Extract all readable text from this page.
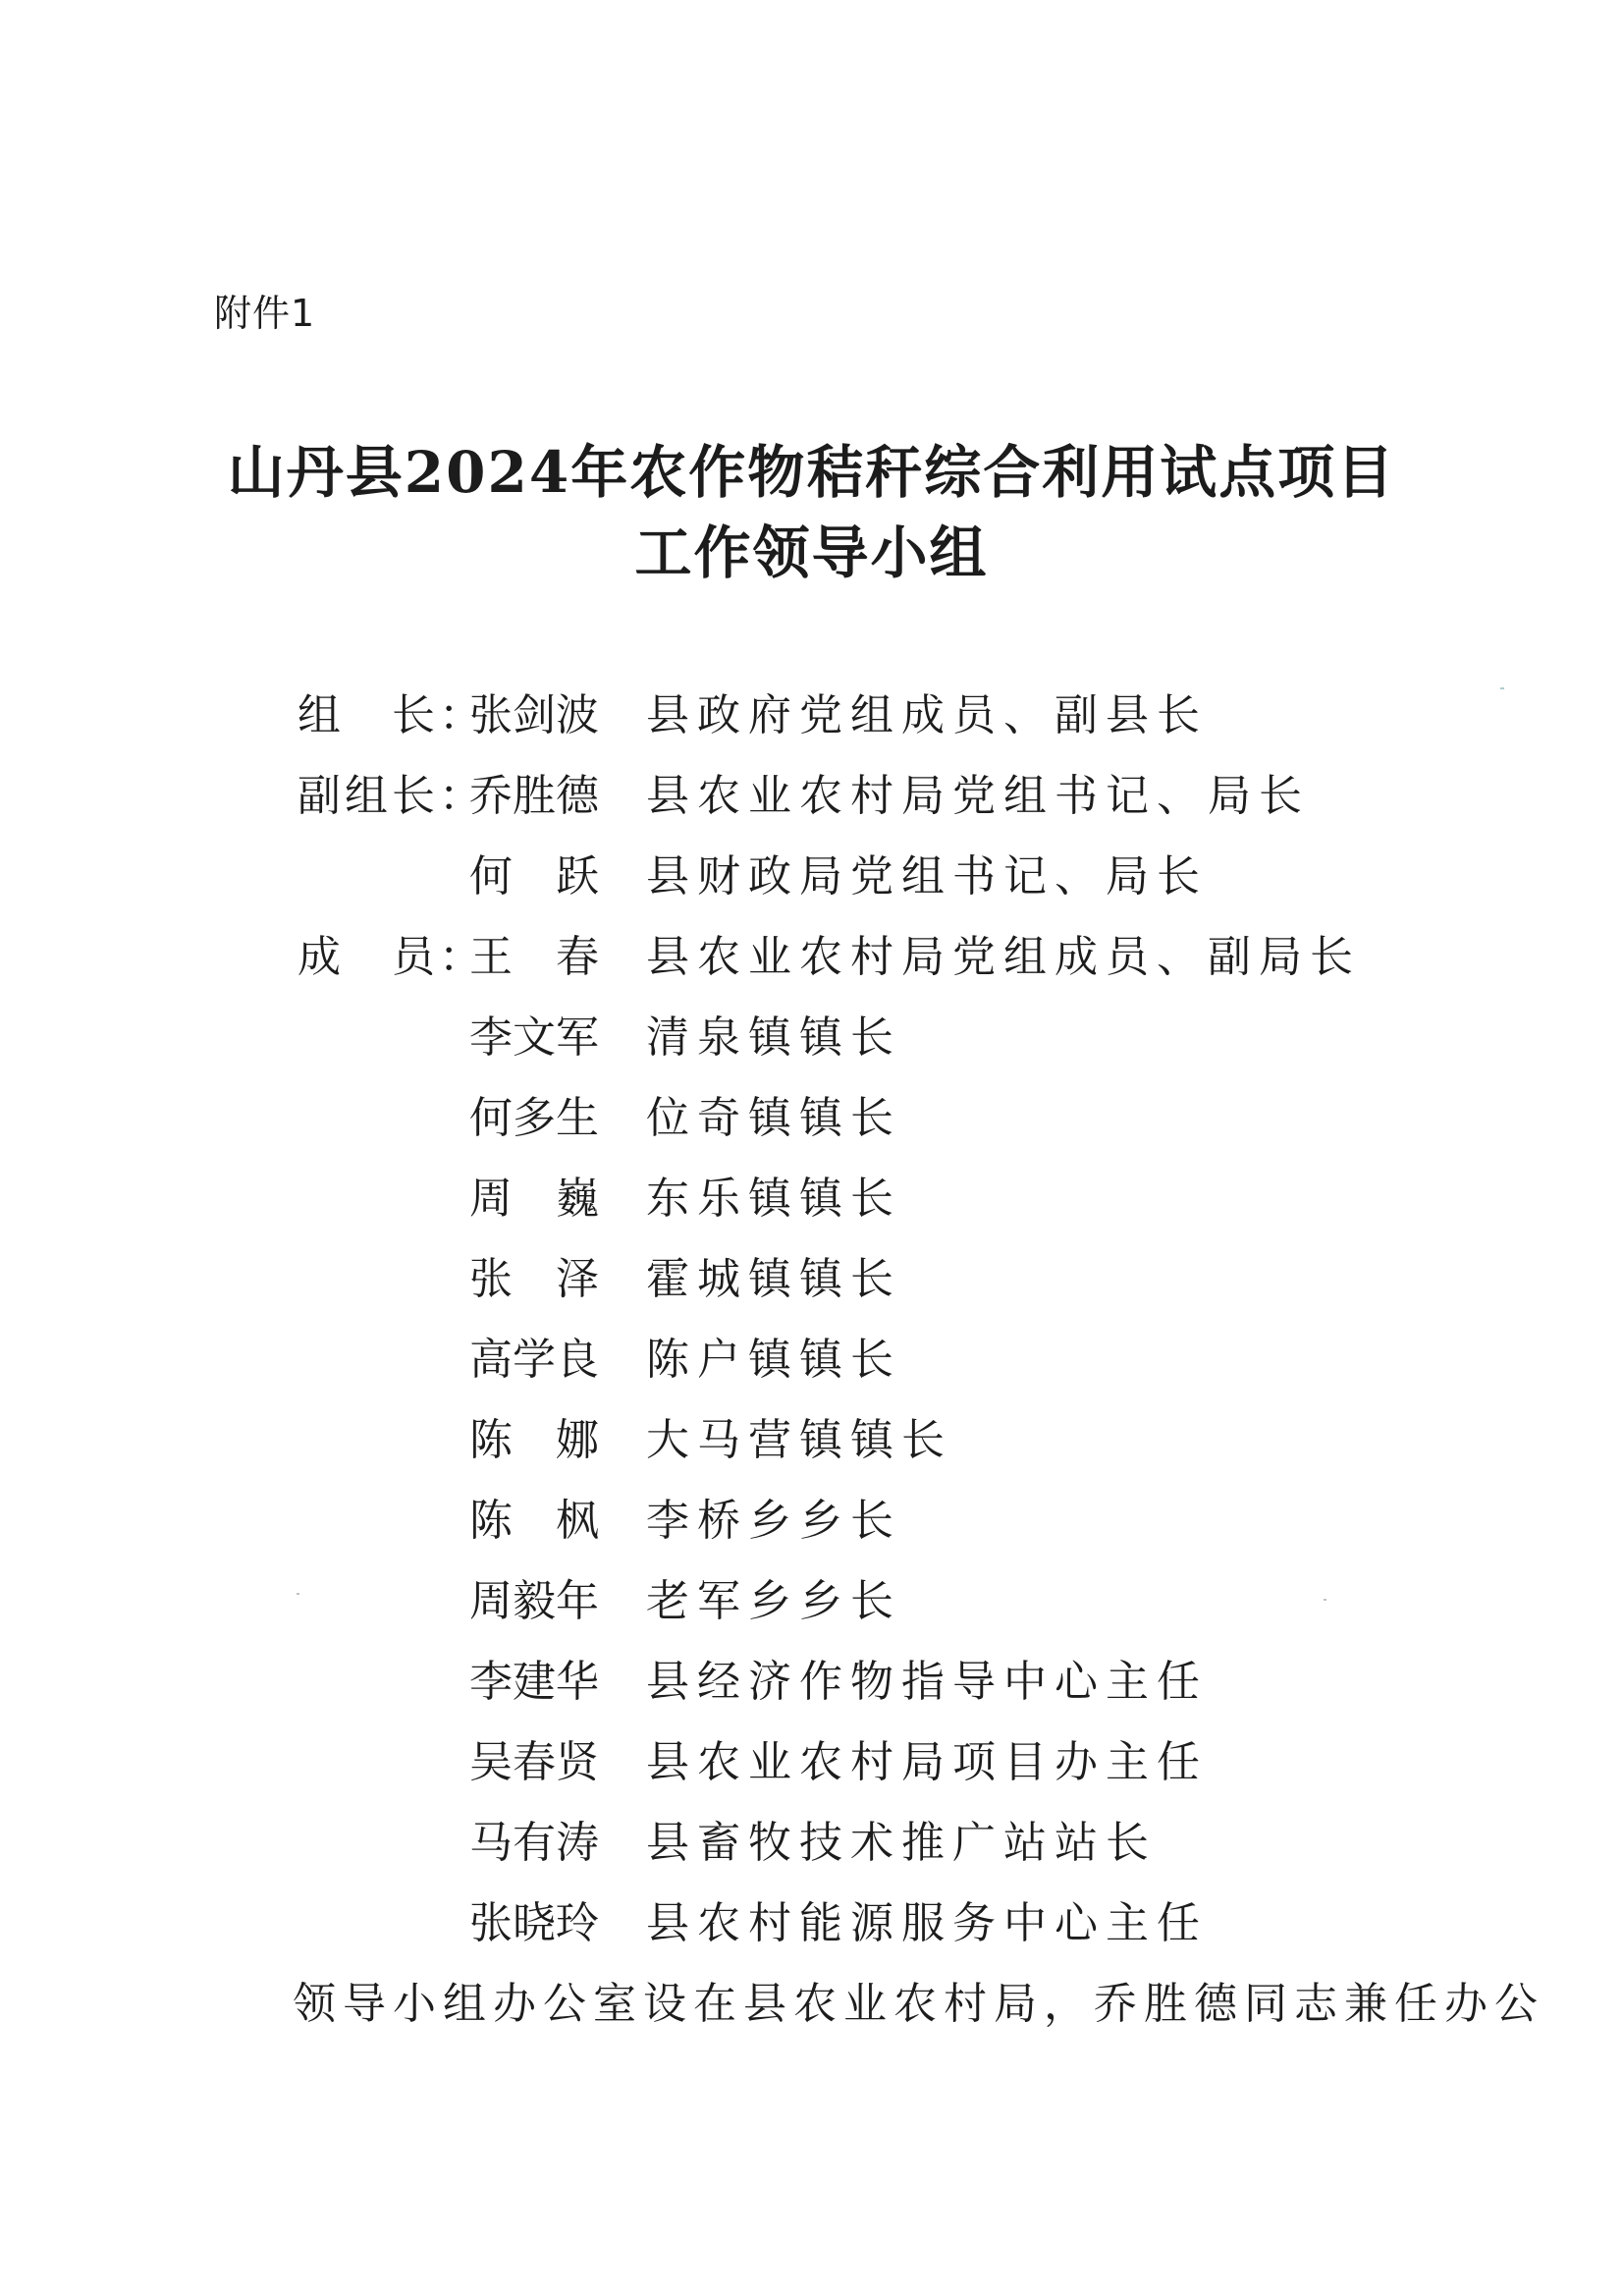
附件1
山丹县2024年农作物秸秆综合利用试点项目
工作领导小组
组　长：
张剑波 县政府党组成员、副县长
副组长：
乔胜德 县农业农村局党组书记、局长
何　跃 县财政局党组书记、局长
成　员：
王　春 县农业农村局党组成员、副局长
李文军 清泉镇镇长
何多生 位奇镇镇长
周　巍 东乐镇镇长
张　泽 霍城镇镇长
高学良 陈户镇镇长
陈　娜 大马营镇镇长
陈　枫 李桥乡乡长
周毅年 老军乡乡长
李建华 县经济作物指导中心主任
吴春贤 县农业农村局项目办主任
马有涛 县畜牧技术推广站站长
张晓玲 县农村能源服务中心主任
领导小组办公室设在县农业农村局，乔胜德同志兼任办公
